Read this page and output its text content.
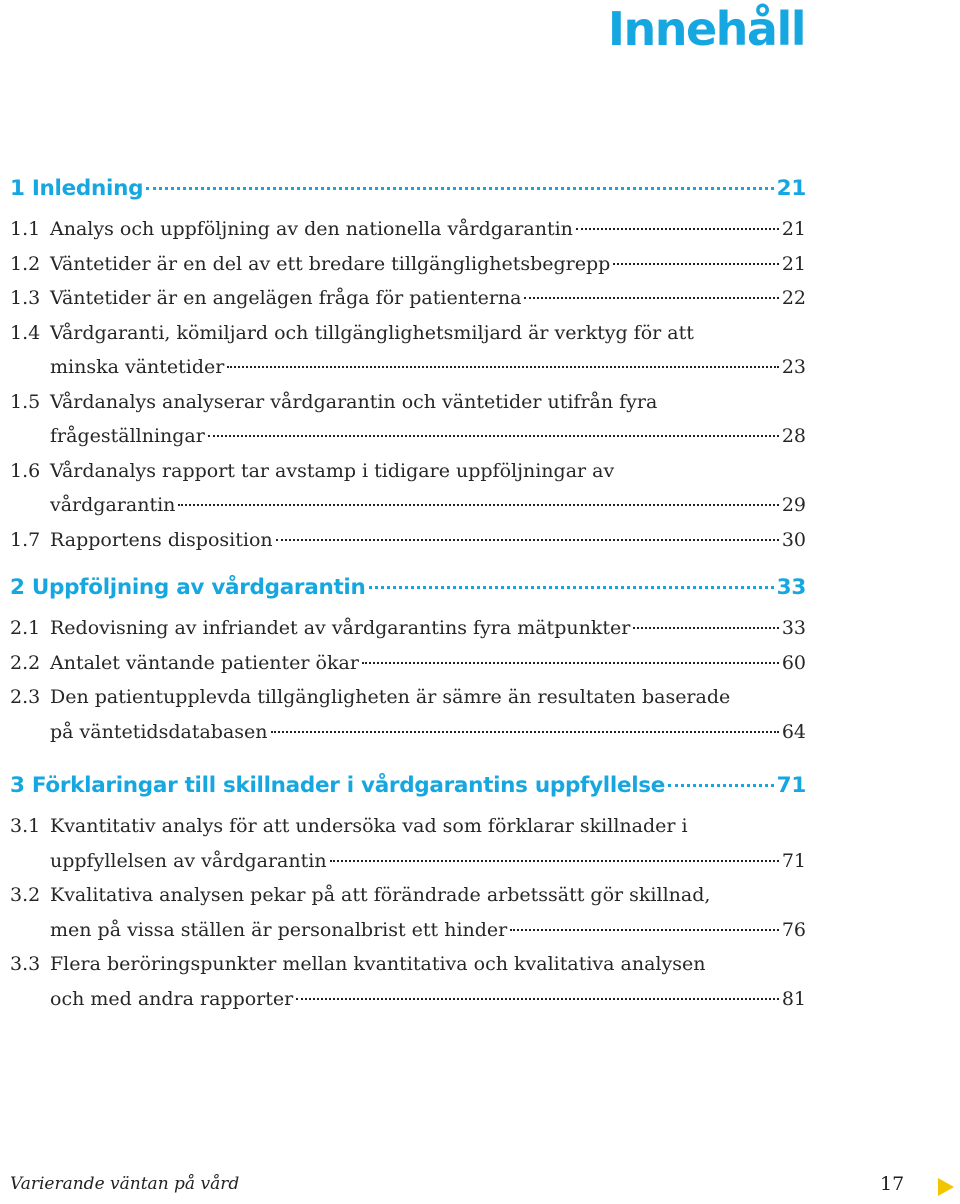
Innehåll
1 Inledning	21
1.1 Analys och uppföljning av den nationella vårdgarantin	21
1.2 Väntetider är en del av ett bredare tillgänglighetsbegrepp	21
1.3 Väntetider är en angelägen fråga för patienterna	22
1.4 Vårdgaranti, kömiljard och tillgänglighetsmiljard är verktyg för att
minska väntetider	23
1.5 Vårdanalys analyserar vårdgarantin och väntetider utifrån fyra
frågeställningar	28
1.6 Vårdanalys rapport tar avstamp i tidigare uppföljningar av
vårdgarantin	29
1.7 Rapportens disposition	30
2 Uppföljning av vårdgarantin	33
2.1 Redovisning av infriandet av vårdgarantins fyra mätpunkter	33
2.2 Antalet väntande patienter ökar	60
2.3 Den patientupplevda tillgängligheten är sämre än resultaten baserade
på väntetidsdatabasen	64
3 Förklaringar till skillnader i vårdgarantins uppfyllelse	71
3.1 Kvantitativ analys för att undersöka vad som förklarar skillnader i
uppfyllelsen av vårdgarantin	71
3.2 Kvalitativa analysen pekar på att förändrade arbetssätt gör skillnad,
men på vissa ställen är personalbrist ett hinder	76
3.3 Flera beröringspunkter mellan kvantitativa och kvalitativa analysen
och med andra rapporter	81
Varierande väntan på vård	17
